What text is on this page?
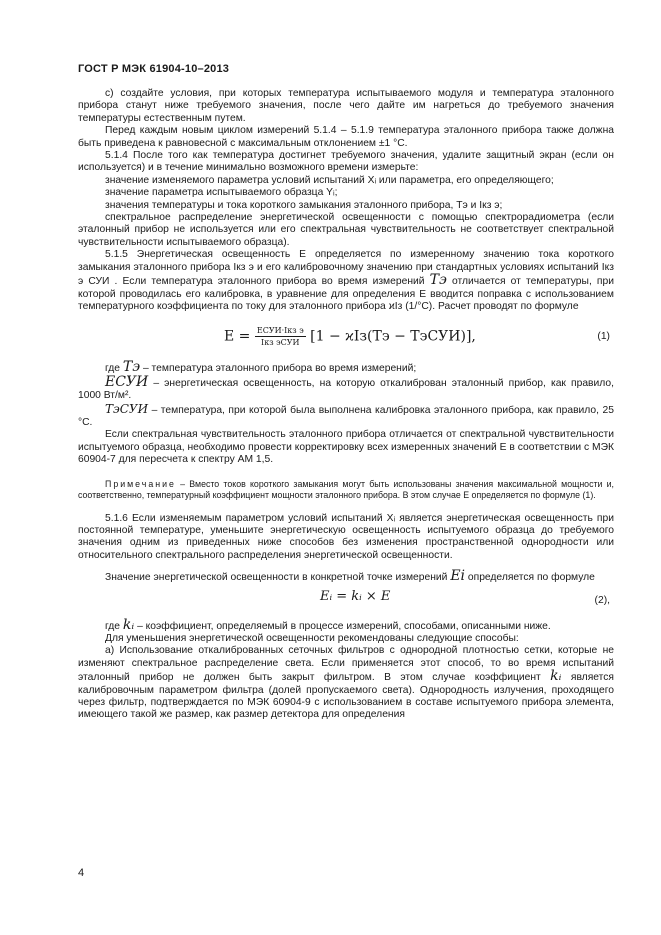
ГОСТ Р МЭК 61904-10–2013

с) создайте условия, при которых температура испытываемого модуля и температура эталонного прибора станут ниже требуемого значения, после чего дайте им нагреться до требуемого значения температуры естественным путем.

Перед каждым новым циклом измерений 5.1.4 – 5.1.9 температура эталонного прибора также должна быть приведена к равновесной с максимальным отклонением ±1 °С.

5.1.4 После того как температура достигнет требуемого значения, удалите защитный экран (если он используется) и в течение минимально возможного времени измерьте:

значение изменяемого параметра условий испытаний Xᵢ или параметра, его определяющего;

значение параметра испытываемого образца Yᵢ;

значения температуры и тока короткого замыкания эталонного прибора, Tэ и Iкз э;

спектральное распределение энергетической освещенности с помощью спектрорадиометра (если эталонный прибор не используется или его спектральная чувствительность не соответствует спектральной чувствительности испытываемого образца).

5.1.5 Энергетическая освещенность E определяется по измеренному значению тока короткого замыкания эталонного прибора Iкз э и его калибровочному значению при стандартных условиях испытаний Iкз э СУИ . Если температура эталонного прибора во время измерений Tэ отличается от температуры, при которой проводилась его калибровка, в уравнение для определения E вводится поправка с использованием температурного коэффициента по току для эталонного прибора ϰIз (1/°С). Расчет проводят по формуле

$E = \frac{\text{EСУИ·Iкз э}}{\text{Iкз эСУИ}} [1 - ϰIз(Tэ$ − TэСУИ)],	(1)

где Tэ – температура эталонного прибора во время измерений;

EСУИ – энергетическая освещенность, на которую откалиброван эталонный прибор, как правило, 1000 Вт/м².

TэСУИ – температура, при которой была выполнена калибровка эталонного прибора, как правило, 25 °С.

Если спектральная чувствительность эталонного прибора отличается от спектральной чувствительности испытуемого образца, необходимо провести корректировку всех измеренных значений E в соответствии с МЭК 60904-7 для пересчета к спектру АМ 1,5.

Примечание – Вместо токов короткого замыкания могут быть использованы значения максимальной мощности и, соответственно, температурный коэффициент мощности эталонного прибора. В этом случае E определяется по формуле (1).

5.1.6 Если изменяемым параметром условий испытаний Xᵢ является энергетическая освещенность при постоянной температуре, уменьшите энергетическую освещенность испытуемого образца до требуемого значения одним из приведенных ниже способов без изменения пространственной однородности или относительного спектрального распределения энергетической освещенности.

Значение энергетической освещенности в конкретной точке измерений Ei определяется по формуле

Eᵢ = kᵢ × E	(2),

где kᵢ – коэффициент, определяемый в процессе измерений, способами, описанными ниже.

Для уменьшения энергетической освещенности рекомендованы следующие способы:

а) Использование откалиброванных сеточных фильтров с однородной плотностью сетки, которые не изменяют спектральное распределение света. Если применяется этот способ, то во время испытаний эталонный прибор не должен быть закрыт фильтром. В этом случае коэффициент kᵢ является калибровочным параметром фильтра (долей пропускаемого света). Однородность излучения, проходящего через фильтр, подтверждается по МЭК 60904-9 с использованием в составе испытуемого прибора элемента, имеющего такой же размер, как размер детектора для определения

4
